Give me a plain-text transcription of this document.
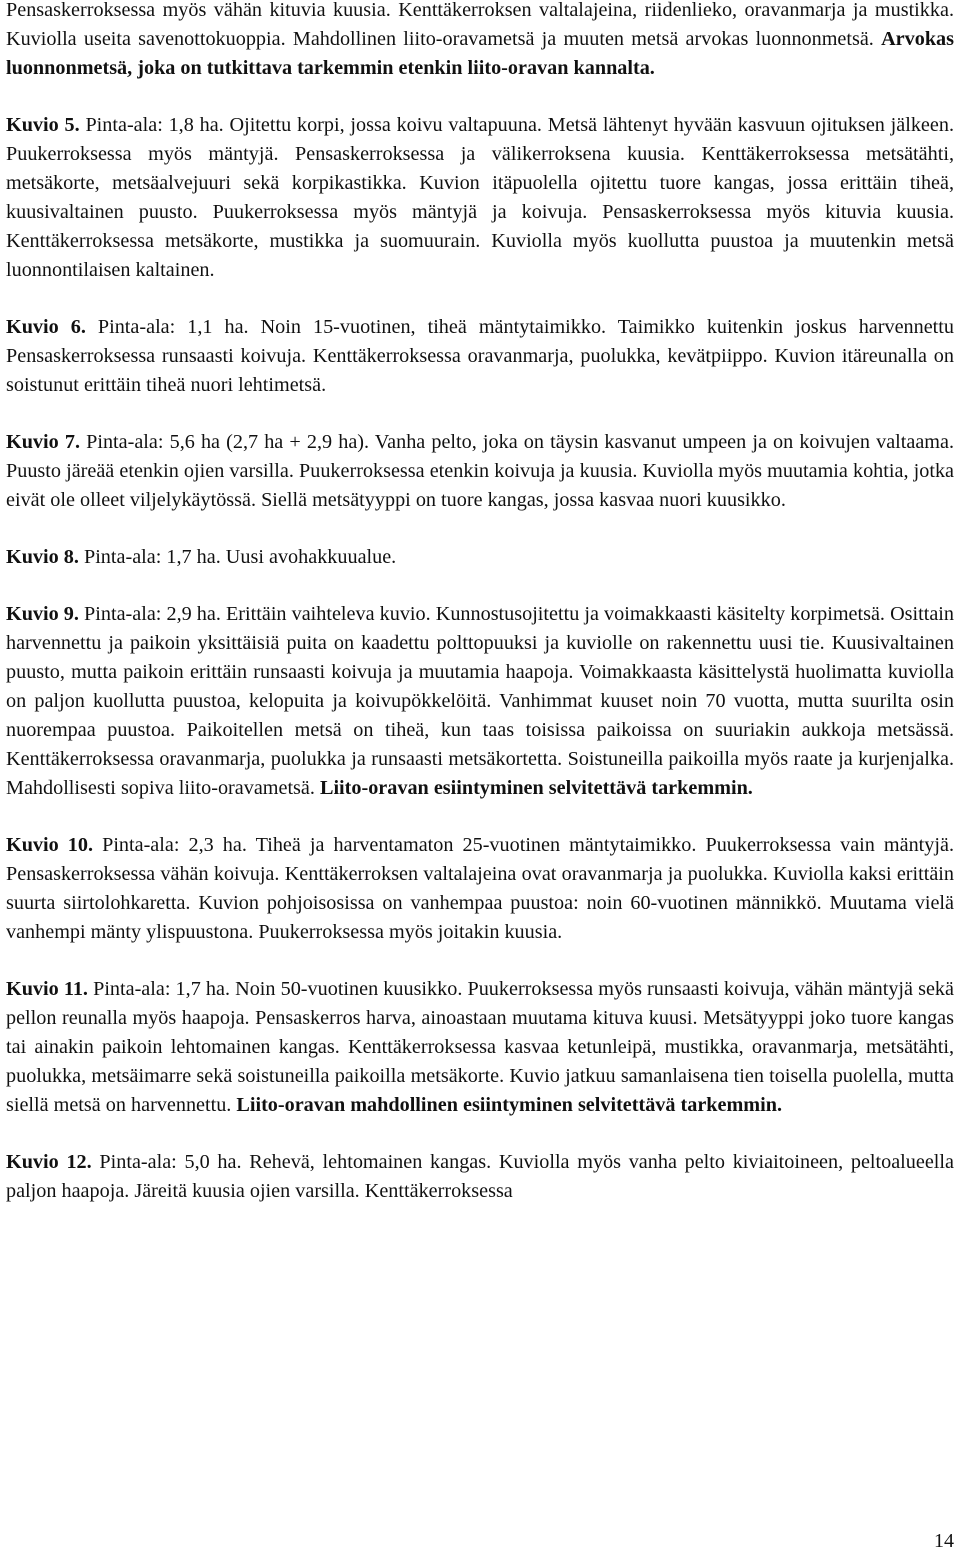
Pensaskerroksessa myös vähän kituvia kuusia. Kenttäkerroksen valtalajeina, riidenlieko, oravanmarja ja mustikka. Kuviolla useita savenottokuoppia. Mahdollinen liito-oravametsä ja muuten metsä arvokas luonnonmetsä. Arvokas luonnonmetsä, joka on tutkittava tarkemmin etenkin liito-oravan kannalta.

Kuvio 5. Pinta-ala: 1,8 ha. Ojitettu korpi, jossa koivu valtapuuna. Metsä lähtenyt hyvään kasvuun ojituksen jälkeen. Puukerroksessa myös mäntyjä. Pensaskerroksessa ja välikerroksena kuusia. Kenttäkerroksessa metsätähti, metsäkorte, metsäalvejuuri sekä korpikastikka. Kuvion itäpuolella ojitettu tuore kangas, jossa erittäin tiheä, kuusivaltainen puusto. Puukerroksessa myös mäntyjä ja koivuja. Pensaskerroksessa myös kituvia kuusia. Kenttäkerroksessa metsäkorte, mustikka ja suomuurain. Kuviolla myös kuollutta puustoa ja muutenkin metsä luonnontilaisen kaltainen.

Kuvio 6. Pinta-ala: 1,1 ha. Noin 15-vuotinen, tiheä mäntytaimikko. Taimikko kuitenkin joskus harvennettu Pensaskerroksessa runsaasti koivuja. Kenttäkerroksessa oravanmarja, puolukka, kevätpiippo. Kuvion itäreunalla on soistunut erittäin tiheä nuori lehtimetsä.

Kuvio 7. Pinta-ala: 5,6 ha (2,7 ha + 2,9 ha). Vanha pelto, joka on täysin kasvanut umpeen ja on koivujen valtaama. Puusto järeää etenkin ojien varsilla. Puukerroksessa etenkin koivuja ja kuusia. Kuviolla myös muutamia kohtia, jotka eivät ole olleet viljelykäytössä. Siellä metsätyyppi on tuore kangas, jossa kasvaa nuori kuusikko.

Kuvio 8. Pinta-ala: 1,7 ha. Uusi avohakkuualue.

Kuvio 9. Pinta-ala: 2,9 ha. Erittäin vaihteleva kuvio. Kunnostusojitettu ja voimakkaasti käsitelty korpimetsä. Osittain harvennettu ja paikoin yksittäisiä puita on kaadettu polttopuuksi ja kuviolle on rakennettu uusi tie. Kuusivaltainen puusto, mutta paikoin erittäin runsaasti koivuja ja muutamia haapoja. Voimakkaasta käsittelystä huolimatta kuviolla on paljon kuollutta puustoa, kelopuita ja koivupökkelöitä. Vanhimmat kuuset noin 70 vuotta, mutta suurilta osin nuorempaa puustoa. Paikoitellen metsä on tiheä, kun taas toisissa paikoissa on suuriakin aukkoja metsässä. Kenttäkerroksessa oravanmarja, puolukka ja runsaasti metsäkortetta. Soistuneilla paikoilla myös raate ja kurjenjalka. Mahdollisesti sopiva liito-oravametsä. Liito-oravan esiintyminen selvitettävä tarkemmin.

Kuvio 10. Pinta-ala: 2,3 ha. Tiheä ja harventamaton 25-vuotinen mäntytaimikko. Puukerroksessa vain mäntyjä. Pensaskerroksessa vähän koivuja. Kenttäkerroksen valtalajeina ovat oravanmarja ja puolukka. Kuviolla kaksi erittäin suurta siirtolohkaretta. Kuvion pohjoisosissa on vanhempaa puustoa: noin 60-vuotinen männikkö. Muutama vielä vanhempi mänty ylispuustona. Puukerroksessa myös joitakin kuusia.

Kuvio 11. Pinta-ala: 1,7 ha. Noin 50-vuotinen kuusikko. Puukerroksessa myös runsaasti koivuja, vähän mäntyjä sekä pellon reunalla myös haapoja. Pensaskerros harva, ainoastaan muutama kituva kuusi. Metsätyyppi joko tuore kangas tai ainakin paikoin lehtomainen kangas. Kenttäkerroksessa kasvaa ketunleipä, mustikka, oravanmarja, metsätähti, puolukka, metsäimarre sekä soistuneilla paikoilla metsäkorte. Kuvio jatkuu samanlaisena tien toisella puolella, mutta siellä metsä on harvennettu. Liito-oravan mahdollinen esiintyminen selvitettävä tarkemmin.

Kuvio 12. Pinta-ala: 5,0 ha. Rehevä, lehtomainen kangas. Kuviolla myös vanha pelto kiviaitoineen, peltoalueella paljon haapoja. Järeitä kuusia ojien varsilla. Kenttäkerroksessa

14
